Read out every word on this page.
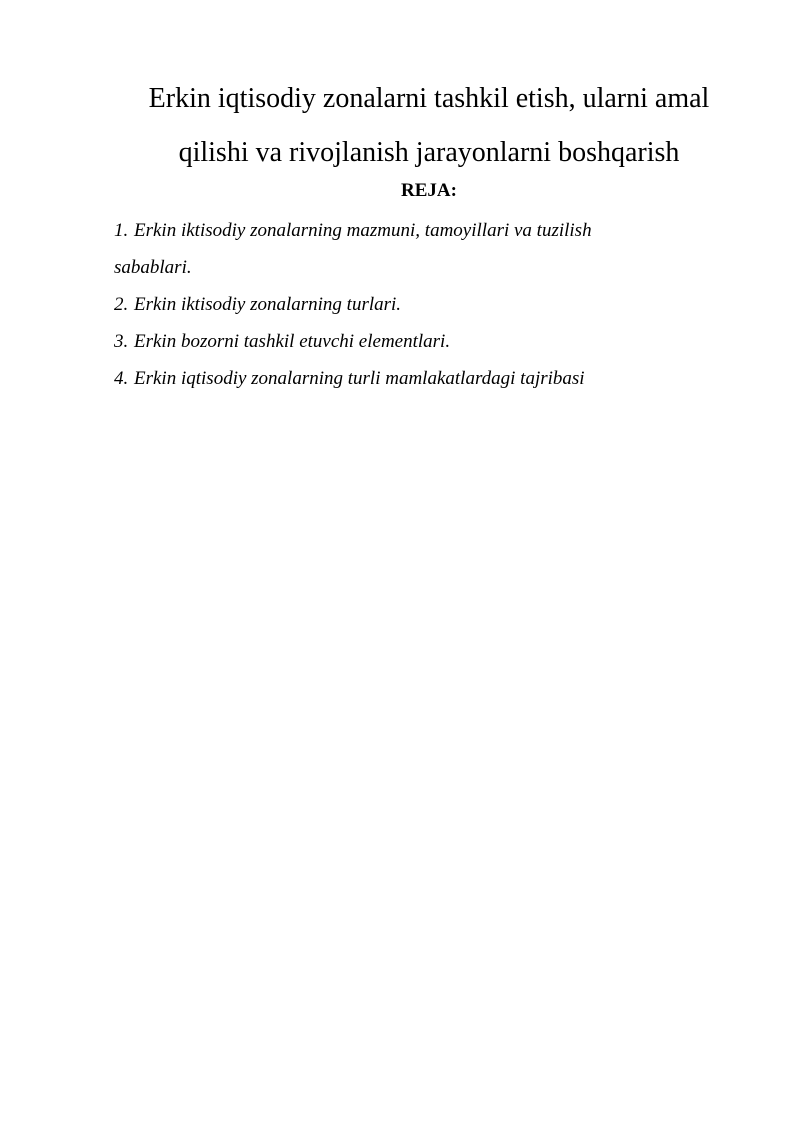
Erkin iqtisodiy zonalarni tashkil etish, ularni amal
qilishi va rivojlanish jarayonlarni boshqarish
REJA:
1. Erkin iktisodiy zonalarning mazmuni, tamoyillari va tuzilish
sabablari.
2. Erkin iktisodiy zonalarning turlari.
3. Erkin bozorni tashkil etuvchi elementlari.
4. Erkin iqtisodiy zonalarning turli mamlakatlardagi tajribasi
